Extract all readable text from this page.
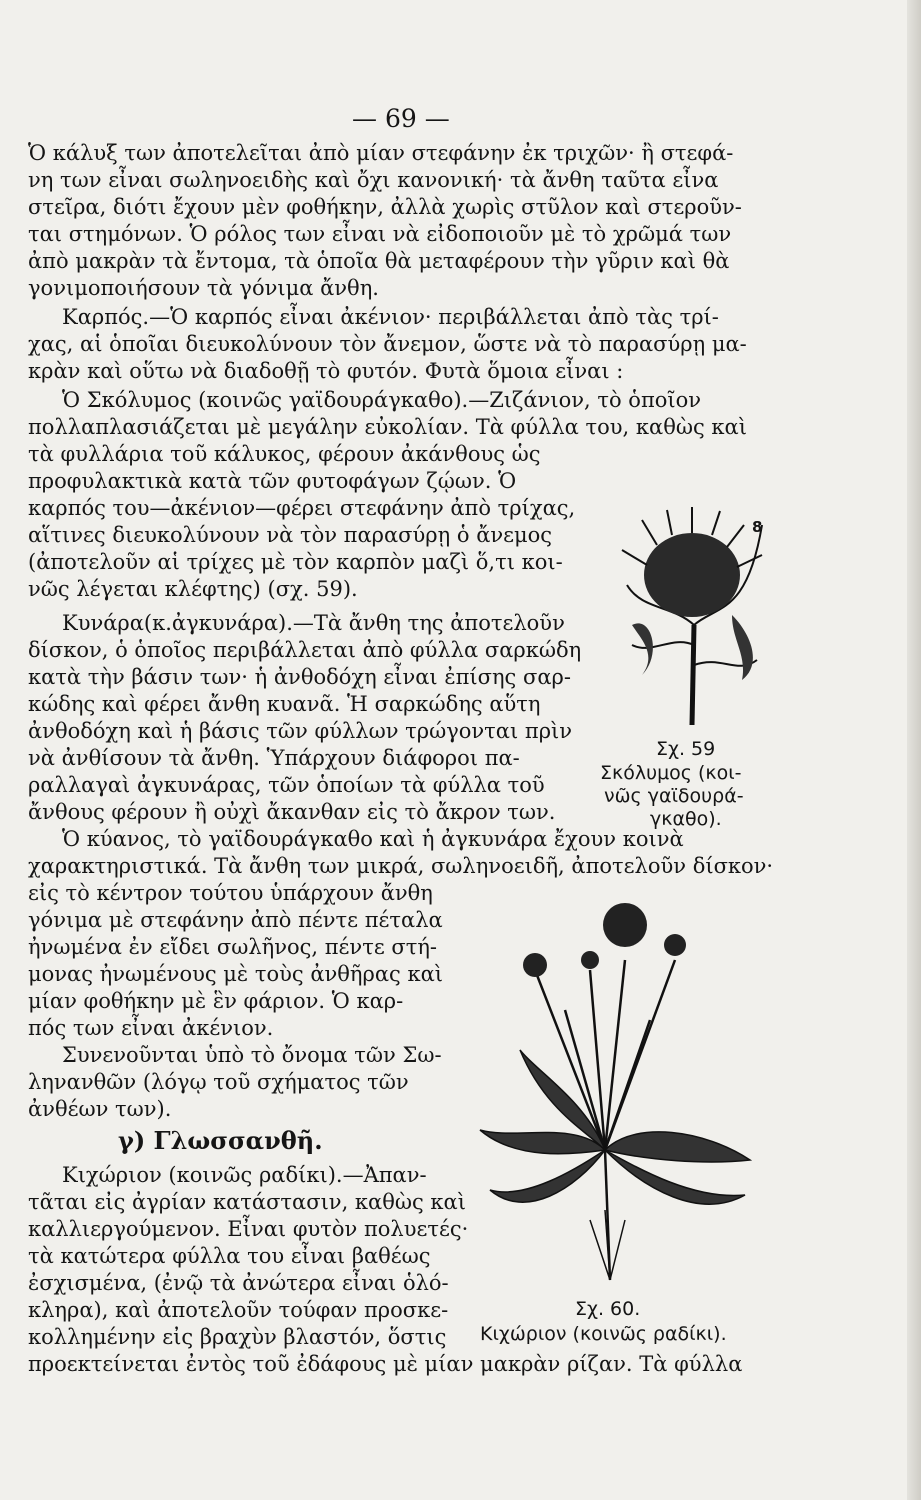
— 69 —
Ὁ κάλυξ των ἀποτελεῖται ἀπὸ μίαν στεφάνην ἐκ τριχῶν· ἢ στεφά-
νη των εἶναι σωληνοειδὴς καὶ ὄχι κανονική· τὰ ἄνθη ταῦτα εἶνα
στεῖρα, διότι ἔχουν μὲν φοθήκην, ἀλλὰ χωρὶς στῦλον καὶ στεροῦν-
ται στημόνων. Ὁ ρόλος των εἶναι νὰ εἰδοποιοῦν μὲ τὸ χρῶμά των
ἀπὸ μακρὰν τὰ ἔντομα, τὰ ὁποῖα θὰ μεταφέρουν τὴν γῦριν καὶ θὰ
γονιμοποιήσουν τὰ γόνιμα ἄνθη.
Καρπός.—Ὁ καρπός εἶναι ἀκένιον· περιβάλλεται ἀπὸ τὰς τρί-
χας, αἱ ὁποῖαι διευκολύνουν τὸν ἄνεμον, ὥστε νὰ τὸ παρασύρῃ μα-
κρὰν καὶ οὕτω νὰ διαδοθῇ τὸ φυτόν. Φυτὰ ὅμοια εἶναι :
Ὁ Σκόλυμος (κοινῶς γαϊδουράγκαθο).—Ζιζάνιον, τὸ ὁποῖον
πολλαπλασιάζεται μὲ μεγάλην εὐκολίαν. Τὰ φύλλα του, καθὼς καὶ
τὰ φυλλάρια τοῦ κάλυκος, φέρουν ἀκάνθους ὡς
προφυλακτικὰ κατὰ τῶν φυτοφάγων ζῴων. Ὁ
καρπός του—ἀκένιον—φέρει στεφάνην ἀπὸ τρίχας,
αἵτινες διευκολύνουν νὰ τὸν παρασύρῃ ὁ ἄνεμος
(ἀποτελοῦν αἱ τρίχες μὲ τὸν καρπὸν μαζὶ ὅ,τι κοι-
νῶς λέγεται κλέφτης) (σχ. 59).
Κυνάρα(κ.ἀγκυνάρα).—Τὰ ἄνθη της ἀποτελοῦν
δίσκον, ὁ ὁποῖος περιβάλλεται ἀπὸ φύλλα σαρκώδη
κατὰ τὴν βάσιν των· ἡ ἀνθοδόχη εἶναι ἐπίσης σαρ-
κώδης καὶ φέρει ἄνθη κυανᾶ. Ἡ σαρκώδης αὕτη
ἀνθοδόχη καὶ ἡ βάσις τῶν φύλλων τρώγονται πρὶν
νὰ ἀνθίσουν τὰ ἄνθη. Ὑπάρχουν διάφοροι πα-
ραλλαγαὶ ἀγκυνάρας, τῶν ὁποίων τὰ φύλλα τοῦ
ἄνθους φέρουν ἢ οὐχὶ ἄκανθαν εἰς τὸ ἄκρον των.
Ὁ κύανος, τὸ γαϊδουράγκαθο καὶ ἡ ἀγκυνάρα ἔχουν κοινὰ
χαρακτηριστικά. Τὰ ἄνθη των μικρά, σωληνοειδῆ, ἀποτελοῦν δίσκον·
εἰς τὸ κέντρον τούτου ὑπάρχουν ἄνθη
γόνιμα μὲ στεφάνην ἀπὸ πέντε πέταλα
ἠνωμένα ἐν εἴδει σωλῆνος, πέντε στή-
μονας ἠνωμένους μὲ τοὺς ἀνθῆρας καὶ
μίαν φοθήκην μὲ ἓν φάριον. Ὁ καρ-
πός των εἶναι ἀκένιον.
Συνενοῦνται ὑπὸ τὸ ὄνομα τῶν Σω-
ληνανθῶν (λόγῳ τοῦ σχήματος τῶν
ἀνθέων των).
γ) Γλωσσανθῆ.
Κιχώριον (κοινῶς ραδίκι).—Ἀπαν-
τᾶται εἰς ἀγρίαν κατάστασιν, καθὼς καὶ
καλλιεργούμενον. Εἶναι φυτὸν πολυετές·
τὰ κατώτερα φύλλα του εἶναι βαθέως
ἐσχισμένα, (ἐνῷ τὰ ἀνώτερα εἶναι ὁλό-
κληρα), καὶ ἀποτελοῦν τούφαν προσκε-
κολλημένην εἰς βραχὺν βλαστόν, ὅστις
προεκτείνεται ἐντὸς τοῦ ἐδάφους μὲ μίαν μακρὰν ρίζαν. Τὰ φύλλα
8
Σχ. 59
Σκόλυμος (κοι-
νῶς γαϊδουρά-
γκαθο).
Σχ. 60.
Κιχώριον (κοινῶς ραδίκι).
